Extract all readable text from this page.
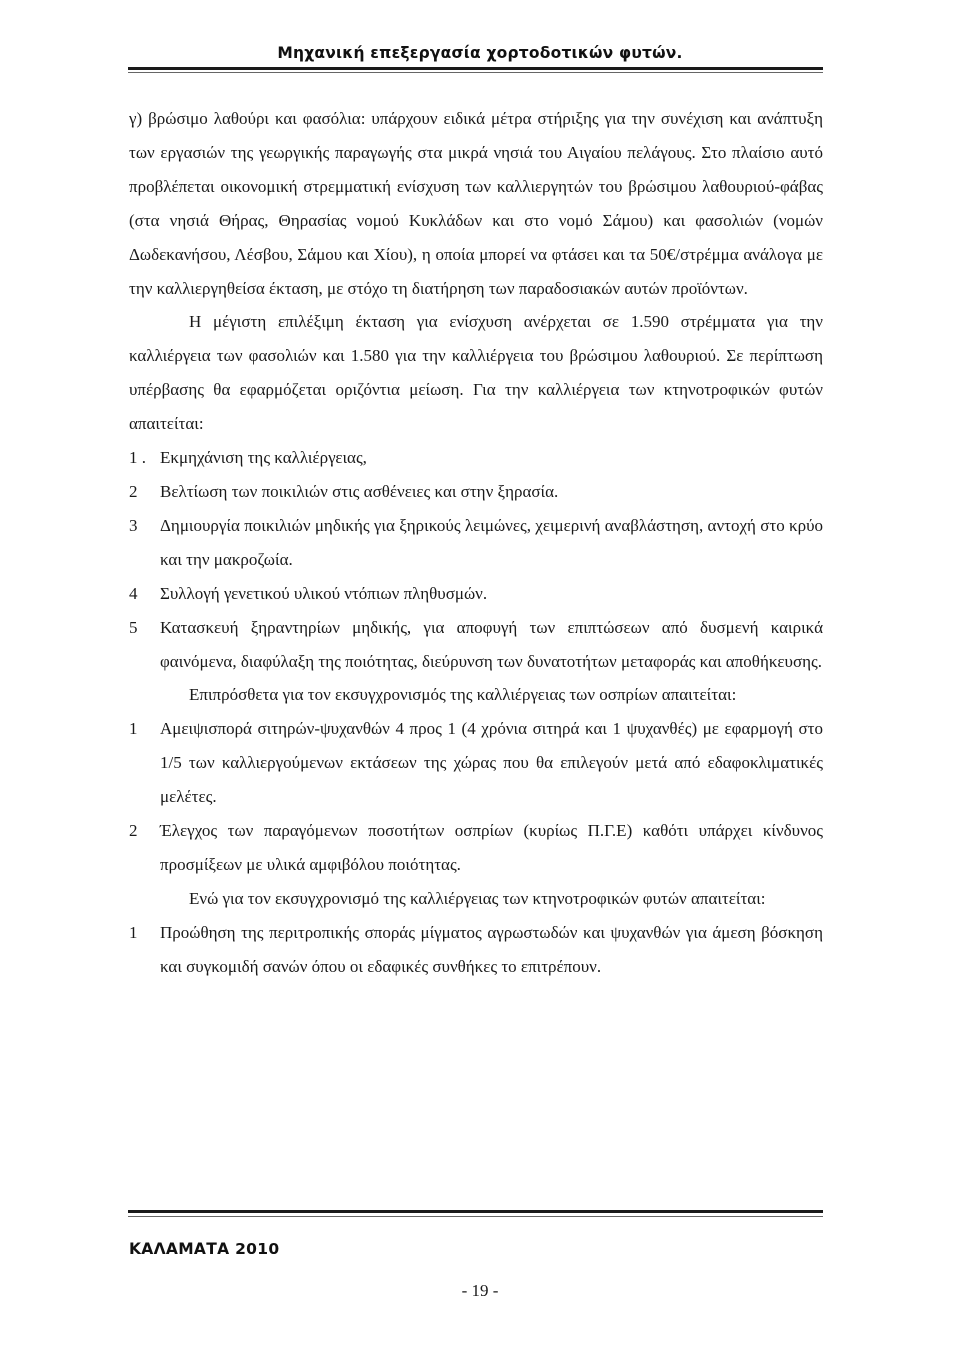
Μηχανική επεξεργασία χορτοδοτικών φυτών.

γ) βρώσιμο λαθούρι και φασόλια: υπάρχουν ειδικά μέτρα στήριξης για την συνέχιση και ανάπτυξη των εργασιών της γεωργικής παραγωγής στα μικρά νησιά του Αιγαίου πελάγους. Στο πλαίσιο αυτό προβλέπεται οικονομική στρεμματική ενίσχυση των καλλιεργητών του βρώσιμου λαθουριού-φάβας (στα νησιά Θήρας, Θηρασίας νομού Κυκλάδων και στο νομό Σάμου) και φασολιών (νομών Δωδεκανήσου, Λέσβου, Σάμου και Χίου), η οποία μπορεί να φτάσει και τα 50€/στρέμμα ανάλογα με την καλλιεργηθείσα έκταση, με στόχο τη διατήρηση των παραδοσιακών αυτών προϊόντων.

Η μέγιστη επιλέξιμη έκταση για ενίσχυση ανέρχεται σε 1.590 στρέμματα για την καλλιέργεια των φασολιών και 1.580 για την καλλιέργεια του βρώσιμου λαθουριού. Σε περίπτωση υπέρβασης θα εφαρμόζεται οριζόντια μείωση. Για την καλλιέργεια των κτηνοτροφικών φυτών απαιτείται:

1 . Εκμηχάνιση της καλλιέργειας,
2	Βελτίωση των ποικιλιών στις ασθένειες και στην ξηρασία.
3	Δημιουργία ποικιλιών μηδικής για ξηρικούς λειμώνες, χειμερινή αναβλάστηση, αντοχή στο κρύο και την μακροζωία.
4	Συλλογή γενετικού υλικού ντόπιων πληθυσμών.
5	Κατασκευή ξηραντηρίων μηδικής, για αποφυγή των επιπτώσεων από δυσμενή καιρικά φαινόμενα, διαφύλαξη της ποιότητας, διεύρυνση των δυνατοτήτων μεταφοράς και αποθήκευσης.

Επιπρόσθετα για τον εκσυγχρονισμός της καλλιέργειας των οσπρίων απαιτείται:

1	Αμειψισπορά σιτηρών-ψυχανθών 4 προς 1 (4 χρόνια σιτηρά και 1 ψυχανθές) με εφαρμογή στο 1/5 των καλλιεργούμενων εκτάσεων της χώρας που θα επιλεγούν μετά από εδαφοκλιματικές μελέτες.
2	Έλεγχος των παραγόμενων ποσοτήτων οσπρίων (κυρίως Π.Γ.Ε) καθότι υπάρχει κίνδυνος προσμίξεων με υλικά αμφιβόλου ποιότητας.

Ενώ για τον εκσυγχρονισμό της καλλιέργειας των κτηνοτροφικών φυτών απαιτείται:

1	Προώθηση της περιτροπικής σποράς μίγματος αγρωστωδών και ψυχανθών για άμεση βόσκηση και συγκομιδή σανών όπου οι εδαφικές συνθήκες το επιτρέπουν.
ΚΑΛΑΜΑΤΑ 2010
- 19 -
